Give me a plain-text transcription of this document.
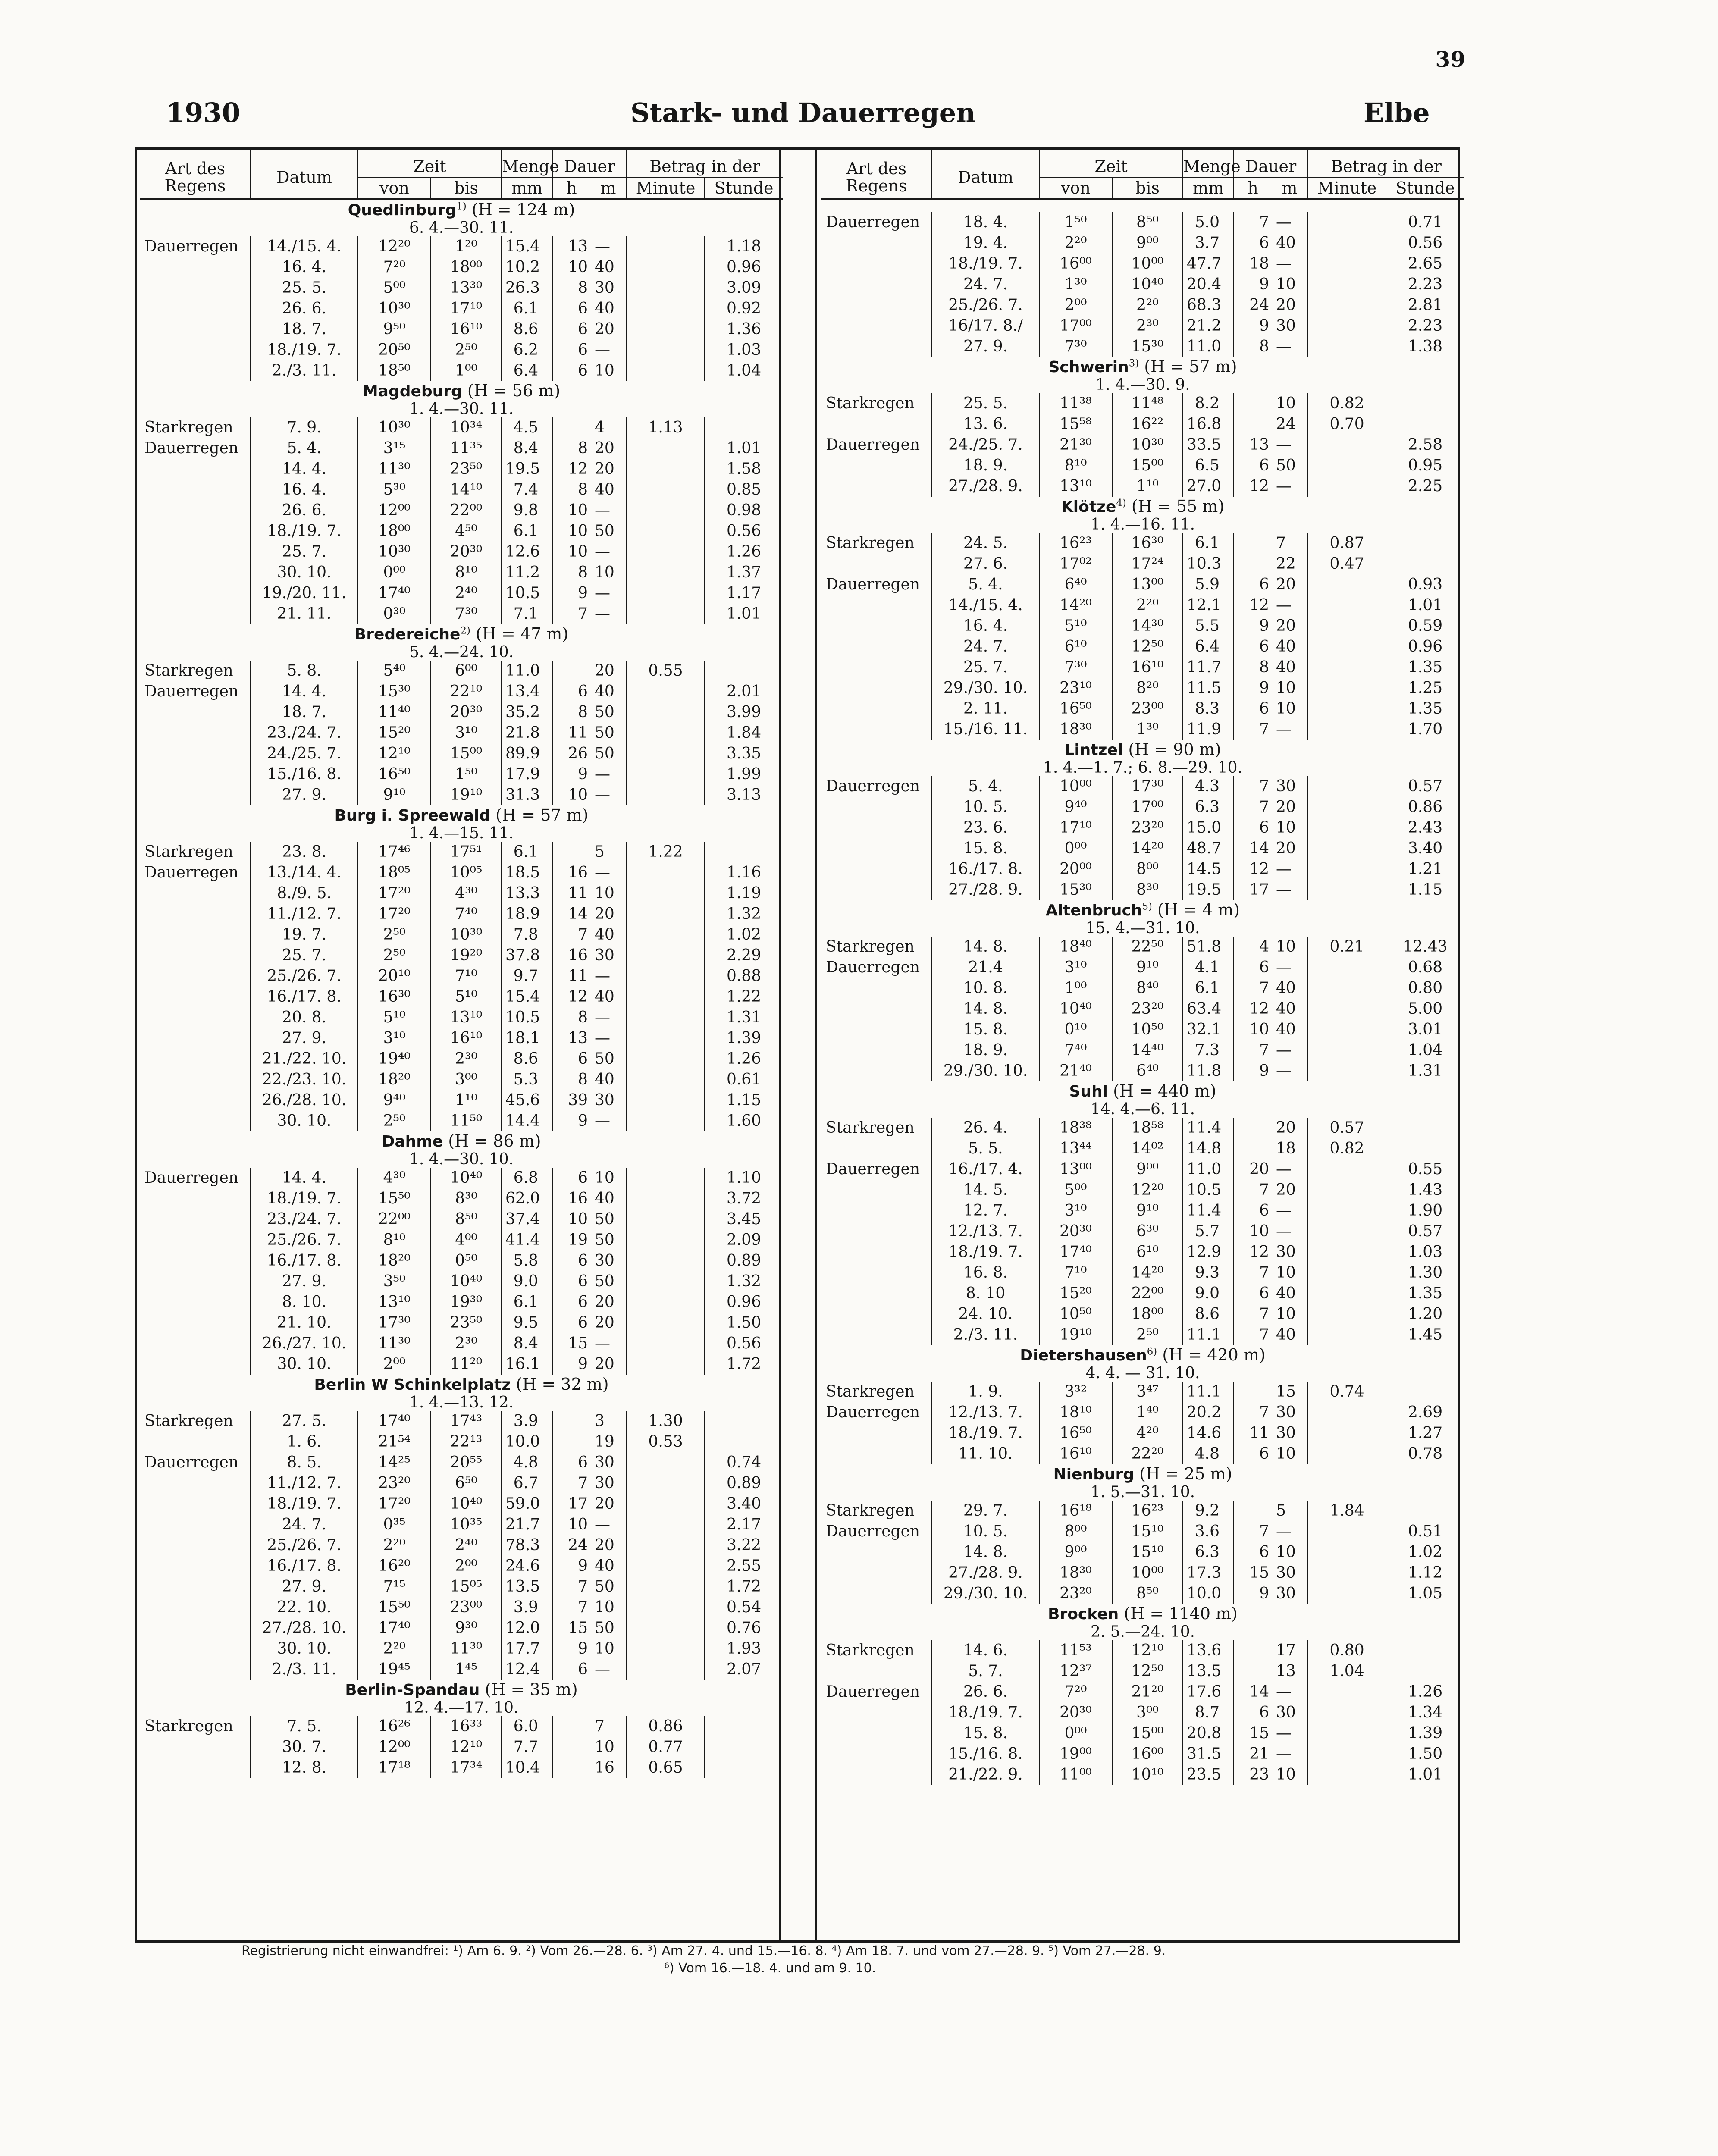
39
1930	Stark- und Dauerregen	Elbe
Art des Regens	Datum	Zeit		Menge	Dauer		Betrag in der	
		von	bis	mm	h	m	Minute	Stunde
Quedlinburg$^{1)}$ (H = 124 m)								
6. 4.—30. 11.								
Dauerregen	14./15. 4.	12²⁰	1²⁰	15.4	13	—		1.18
	16. 4.	7²⁰	18⁰⁰	10.2	10	40		0.96
	25. 5.	5⁰⁰	13³⁰	26.3	8	30		3.09
	26. 6.	10³⁰	17¹⁰	6.1	6	40		0.92
	18. 7.	9⁵⁰	16¹⁰	8.6	6	20		1.36
	18./19. 7.	20⁵⁰	2⁵⁰	6.2	6	—		1.03
	2./3. 11.	18⁵⁰	1⁰⁰	6.4	6	10		1.04
Magdeburg (H = 56 m)								
1. 4.—30. 11.								
Starkregen	7. 9.	10³⁰	10³⁴	4.5		4	1.13	
Dauerregen	5. 4.	3¹⁵	11³⁵	8.4	8	20		1.01
	14. 4.	11³⁰	23⁵⁰	19.5	12	20		1.58
	16. 4.	5³⁰	14¹⁰	7.4	8	40		0.85
	26. 6.	12⁰⁰	22⁰⁰	9.8	10	—		0.98
	18./19. 7.	18⁰⁰	4⁵⁰	6.1	10	50		0.56
	25. 7.	10³⁰	20³⁰	12.6	10	—		1.26
	30. 10.	0⁰⁰	8¹⁰	11.2	8	10		1.37
	19./20. 11.	17⁴⁰	2⁴⁰	10.5	9	—		1.17
	21. 11.	0³⁰	7³⁰	7.1	7	—		1.01
Bredereiche$^{2)}$ (H = 47 m)								
5. 4.—24. 10.								
Starkregen	5. 8.	5⁴⁰	6⁰⁰	11.0		20	0.55	
Dauerregen	14. 4.	15³⁰	22¹⁰	13.4	6	40		2.01
	18. 7.	11⁴⁰	20³⁰	35.2	8	50		3.99
	23./24. 7.	15²⁰	3¹⁰	21.8	11	50		1.84
	24./25. 7.	12¹⁰	15⁰⁰	89.9	26	50		3.35
	15./16. 8.	16⁵⁰	1⁵⁰	17.9	9	—		1.99
	27. 9.	9¹⁰	19¹⁰	31.3	10	—		3.13
Burg i. Spreewald (H = 57 m)								
1. 4.—15. 11.								
Starkregen	23. 8.	17⁴⁶	17⁵¹	6.1		5	1.22	
Dauerregen	13./14. 4.	18⁰⁵	10⁰⁵	18.5	16	—		1.16
	8./9. 5.	17²⁰	4³⁰	13.3	11	10		1.19
	11./12. 7.	17²⁰	7⁴⁰	18.9	14	20		1.32
	19. 7.	2⁵⁰	10³⁰	7.8	7	40		1.02
	25. 7.	2⁵⁰	19²⁰	37.8	16	30		2.29
	25./26. 7.	20¹⁰	7¹⁰	9.7	11	—		0.88
	16./17. 8.	16³⁰	5¹⁰	15.4	12	40		1.22
	20. 8.	5¹⁰	13¹⁰	10.5	8	—		1.31
	27. 9.	3¹⁰	16¹⁰	18.1	13	—		1.39
	21./22. 10.	19⁴⁰	2³⁰	8.6	6	50		1.26
	22./23. 10.	18²⁰	3⁰⁰	5.3	8	40		0.61
	26./28. 10.	9⁴⁰	1¹⁰	45.6	39	30		1.15
	30. 10.	2⁵⁰	11⁵⁰	14.4	9	—		1.60
Dahme (H = 86 m)								
1. 4.—30. 10.								
Dauerregen	14. 4.	4³⁰	10⁴⁰	6.8	6	10		1.10
	18./19. 7.	15⁵⁰	8³⁰	62.0	16	40		3.72
	23./24. 7.	22⁰⁰	8⁵⁰	37.4	10	50		3.45
	25./26. 7.	8¹⁰	4⁰⁰	41.4	19	50		2.09
	16./17. 8.	18²⁰	0⁵⁰	5.8	6	30		0.89
	27. 9.	3⁵⁰	10⁴⁰	9.0	6	50		1.32
	8. 10.	13¹⁰	19³⁰	6.1	6	20		0.96
	21. 10.	17³⁰	23⁵⁰	9.5	6	20		1.50
	26./27. 10.	11³⁰	2³⁰	8.4	15	—		0.56
	30. 10.	2⁰⁰	11²⁰	16.1	9	20		1.72
Berlin W Schinkelplatz (H = 32 m)								
1. 4.—13. 12.								
Starkregen	27. 5.	17⁴⁰	17⁴³	3.9		3	1.30	
	1. 6.	21⁵⁴	22¹³	10.0		19	0.53	
Dauerregen	8. 5.	14²⁵	20⁵⁵	4.8	6	30		0.74
	11./12. 7.	23²⁰	6⁵⁰	6.7	7	30		0.89
	18./19. 7.	17²⁰	10⁴⁰	59.0	17	20		3.40
	24. 7.	0³⁵	10³⁵	21.7	10	—		2.17
	25./26. 7.	2²⁰	2⁴⁰	78.3	24	20		3.22
	16./17. 8.	16²⁰	2⁰⁰	24.6	9	40		2.55
	27. 9.	7¹⁵	15⁰⁵	13.5	7	50		1.72
	22. 10.	15⁵⁰	23⁰⁰	3.9	7	10		0.54
	27./28. 10.	17⁴⁰	9³⁰	12.0	15	50		0.76
	30. 10.	2²⁰	11³⁰	17.7	9	10		1.93
	2./3. 11.	19⁴⁵	1⁴⁵	12.4	6	—		2.07
Berlin-Spandau (H = 35 m)								
12. 4.—17. 10.								
Starkregen	7. 5.	16²⁶	16³³	6.0		7	0.86	
	30. 7.	12⁰⁰	12¹⁰	7.7		10	0.77	
	12. 8.	17¹⁸	17³⁴	10.4		16	0.65	
Art des Regens	Datum	Zeit		Menge	Dauer		Betrag in der	
		von	bis	mm	h	m	Minute	Stunde

Dauerregen	18. 4.	1⁵⁰	8⁵⁰	5.0	7	—		0.71
	19. 4.	2²⁰	9⁰⁰	3.7	6	40		0.56
	18./19. 7.	16⁰⁰	10⁰⁰	47.7	18	—		2.65
	24. 7.	1³⁰	10⁴⁰	20.4	9	10		2.23
	25./26. 7.	2⁰⁰	2²⁰	68.3	24	20		2.81
	16/17. 8./	17⁰⁰	2³⁰	21.2	9	30		2.23
	27. 9.	7³⁰	15³⁰	11.0	8	—		1.38
Schwerin$^{3)}$ (H = 57 m)								
1. 4.—30. 9.								
Starkregen	25. 5.	11³⁸	11⁴⁸	8.2		10	0.82	
	13. 6.	15⁵⁸	16²²	16.8		24	0.70	
Dauerregen	24./25. 7.	21³⁰	10³⁰	33.5	13	—		2.58
	18. 9.	8¹⁰	15⁰⁰	6.5	6	50		0.95
	27./28. 9.	13¹⁰	1¹⁰	27.0	12	—		2.25
Klötze$^{4)}$ (H = 55 m)								
1. 4.—16. 11.								
Starkregen	24. 5.	16²³	16³⁰	6.1		7	0.87	
	27. 6.	17⁰²	17²⁴	10.3		22	0.47	
Dauerregen	5. 4.	6⁴⁰	13⁰⁰	5.9	6	20		0.93
	14./15. 4.	14²⁰	2²⁰	12.1	12	—		1.01
	16. 4.	5¹⁰	14³⁰	5.5	9	20		0.59
	24. 7.	6¹⁰	12⁵⁰	6.4	6	40		0.96
	25. 7.	7³⁰	16¹⁰	11.7	8	40		1.35
	29./30. 10.	23¹⁰	8²⁰	11.5	9	10		1.25
	2. 11.	16⁵⁰	23⁰⁰	8.3	6	10		1.35
	15./16. 11.	18³⁰	1³⁰	11.9	7	—		1.70
Lintzel (H = 90 m)								
1. 4.—1. 7.; 6. 8.—29. 10.								
Dauerregen	5. 4.	10⁰⁰	17³⁰	4.3	7	30		0.57
	10. 5.	9⁴⁰	17⁰⁰	6.3	7	20		0.86
	23. 6.	17¹⁰	23²⁰	15.0	6	10		2.43
	15. 8.	0⁰⁰	14²⁰	48.7	14	20		3.40
	16./17. 8.	20⁰⁰	8⁰⁰	14.5	12	—		1.21
	27./28. 9.	15³⁰	8³⁰	19.5	17	—		1.15
Altenbruch$^{5)}$ (H = 4 m)								
15. 4.—31. 10.								
Starkregen	14. 8.	18⁴⁰	22⁵⁰	51.8	4	10	0.21	12.43
Dauerregen	21.4	3¹⁰	9¹⁰	4.1	6	—		0.68
	10. 8.	1⁰⁰	8⁴⁰	6.1	7	40		0.80
	14. 8.	10⁴⁰	23²⁰	63.4	12	40		5.00
	15. 8.	0¹⁰	10⁵⁰	32.1	10	40		3.01
	18. 9.	7⁴⁰	14⁴⁰	7.3	7	—		1.04
	29./30. 10.	21⁴⁰	6⁴⁰	11.8	9	—		1.31
Suhl (H = 440 m)								
14. 4.—6. 11.								
Starkregen	26. 4.	18³⁸	18⁵⁸	11.4		20	0.57	
	5. 5.	13⁴⁴	14⁰²	14.8		18	0.82	
Dauerregen	16./17. 4.	13⁰⁰	9⁰⁰	11.0	20	—		0.55
	14. 5.	5⁰⁰	12²⁰	10.5	7	20		1.43
	12. 7.	3¹⁰	9¹⁰	11.4	6	—		1.90
	12./13. 7.	20³⁰	6³⁰	5.7	10	—		0.57
	18./19. 7.	17⁴⁰	6¹⁰	12.9	12	30		1.03
	16. 8.	7¹⁰	14²⁰	9.3	7	10		1.30
	8. 10	15²⁰	22⁰⁰	9.0	6	40		1.35
	24. 10.	10⁵⁰	18⁰⁰	8.6	7	10		1.20
	2./3. 11.	19¹⁰	2⁵⁰	11.1	7	40		1.45
Dietershausen$^{6)}$ (H = 420 m)								
4. 4. — 31. 10.								
Starkregen	1. 9.	3³²	3⁴⁷	11.1		15	0.74	
Dauerregen	12./13. 7.	18¹⁰	1⁴⁰	20.2	7	30		2.69
	18./19. 7.	16⁵⁰	4²⁰	14.6	11	30		1.27
	11. 10.	16¹⁰	22²⁰	4.8	6	10		0.78
Nienburg (H = 25 m)								
1. 5.—31. 10.								
Starkregen	29. 7.	16¹⁸	16²³	9.2		5	1.84	
Dauerregen	10. 5.	8⁰⁰	15¹⁰	3.6	7	—		0.51
	14. 8.	9⁰⁰	15¹⁰	6.3	6	10		1.02
	27./28. 9.	18³⁰	10⁰⁰	17.3	15	30		1.12
	29./30. 10.	23²⁰	8⁵⁰	10.0	9	30		1.05
Brocken (H = 1140 m)								
2. 5.—24. 10.								
Starkregen	14. 6.	11⁵³	12¹⁰	13.6		17	0.80	
	5. 7.	12³⁷	12⁵⁰	13.5		13	1.04	
Dauerregen	26. 6.	7²⁰	21²⁰	17.6	14	—		1.26
	18./19. 7.	20³⁰	3⁰⁰	8.7	6	30		1.34
	15. 8.	0⁰⁰	15⁰⁰	20.8	15	—		1.39
	15./16. 8.	19⁰⁰	16⁰⁰	31.5	21	—		1.50
	21./22. 9.	11⁰⁰	10¹⁰	23.5	23	10		1.01
Registrierung nicht einwandfrei: ¹) Am 6. 9. ²) Vom 26.—28. 6. ³) Am 27. 4. und 15.—16. 8. ⁴) Am 18. 7. und vom 27.—28. 9. ⁵) Vom 27.—28. 9.
⁶) Vom 16.—18. 4. und am 9. 10.
